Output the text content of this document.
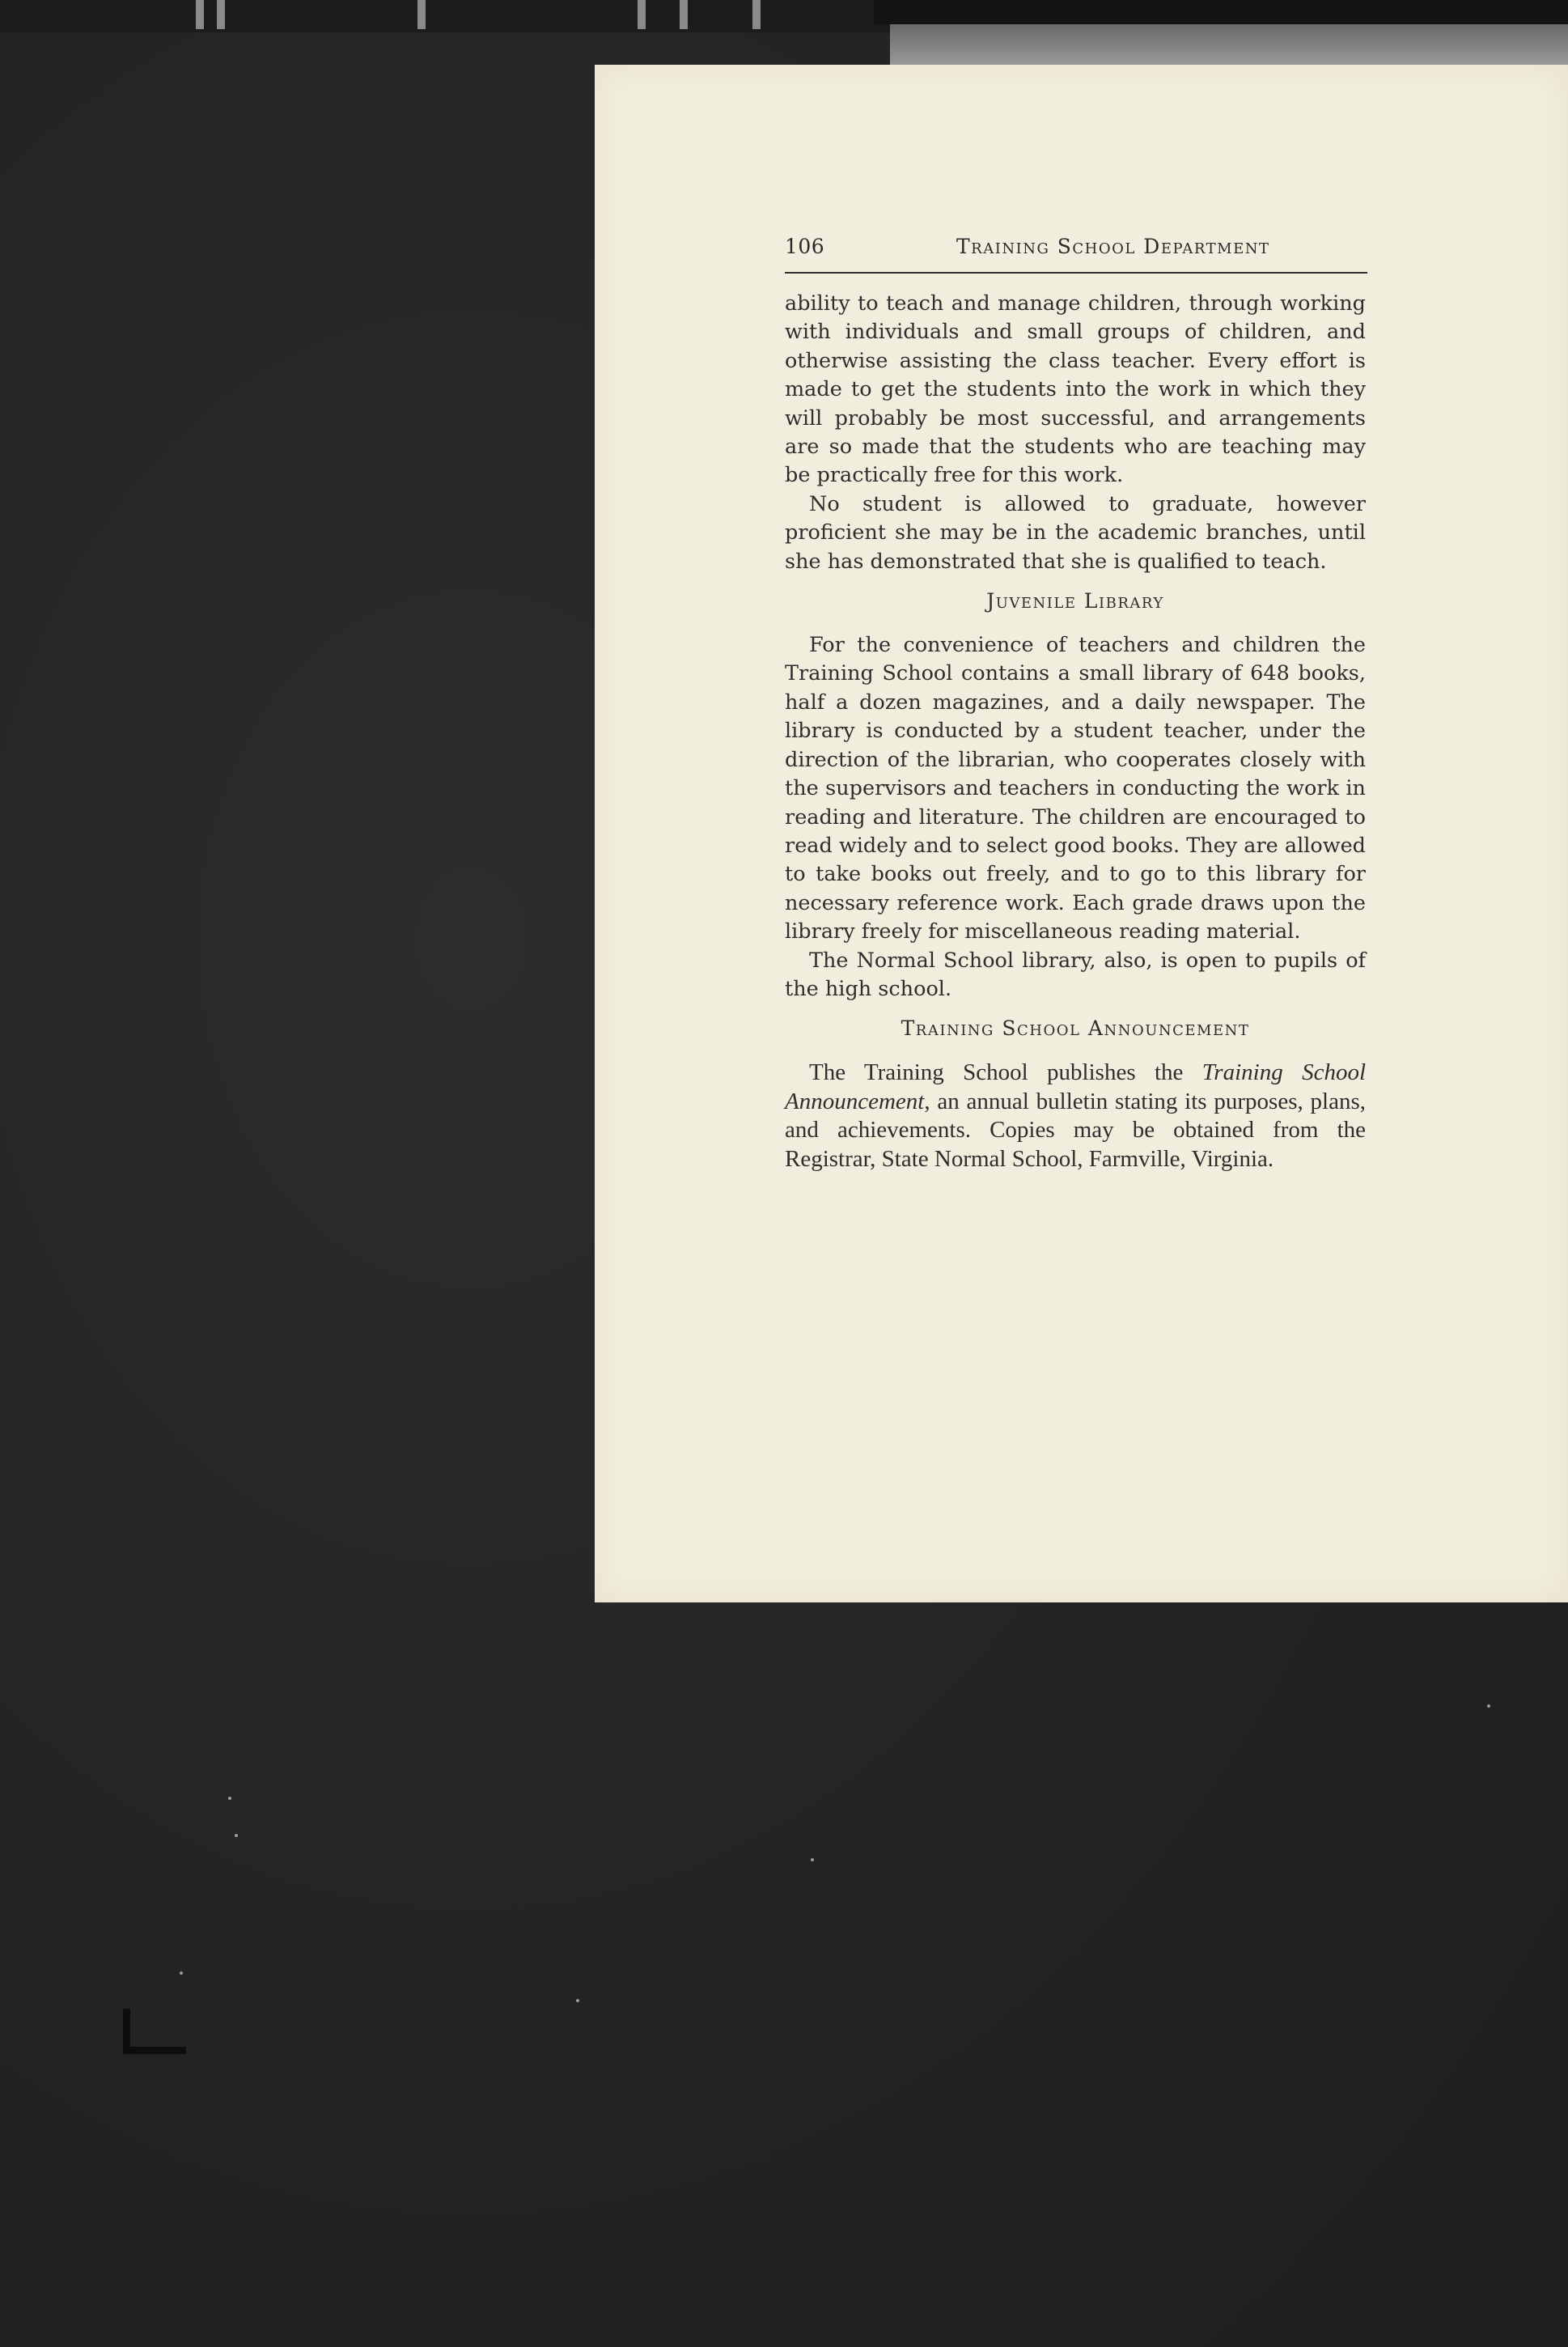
106	Training School Department

ability to teach and manage children, through working with individuals and small groups of children, and otherwise assisting the class teacher. Every effort is made to get the students into the work in which they will probably be most successful, and arrangements are so made that the students who are teaching may be practically free for this work.

No student is allowed to graduate, however proficient she may be in the academic branches, until she has demonstrated that she is qualified to teach.

Juvenile Library

For the convenience of teachers and children the Training School contains a small library of 648 books, half a dozen magazines, and a daily newspaper. The library is conducted by a student teacher, under the direction of the librarian, who cooperates closely with the supervisors and teachers in conducting the work in reading and literature. The children are encouraged to read widely and to select good books. They are allowed to take books out freely, and to go to this library for necessary reference work. Each grade draws upon the library freely for miscellaneous reading material.

The Normal School library, also, is open to pupils of the high school.

Training School Announcement

The Training School publishes the Training School Announcement, an annual bulletin stating its purposes, plans, and achievements. Copies may be obtained from the Registrar, State Normal School, Farmville, Virginia.
